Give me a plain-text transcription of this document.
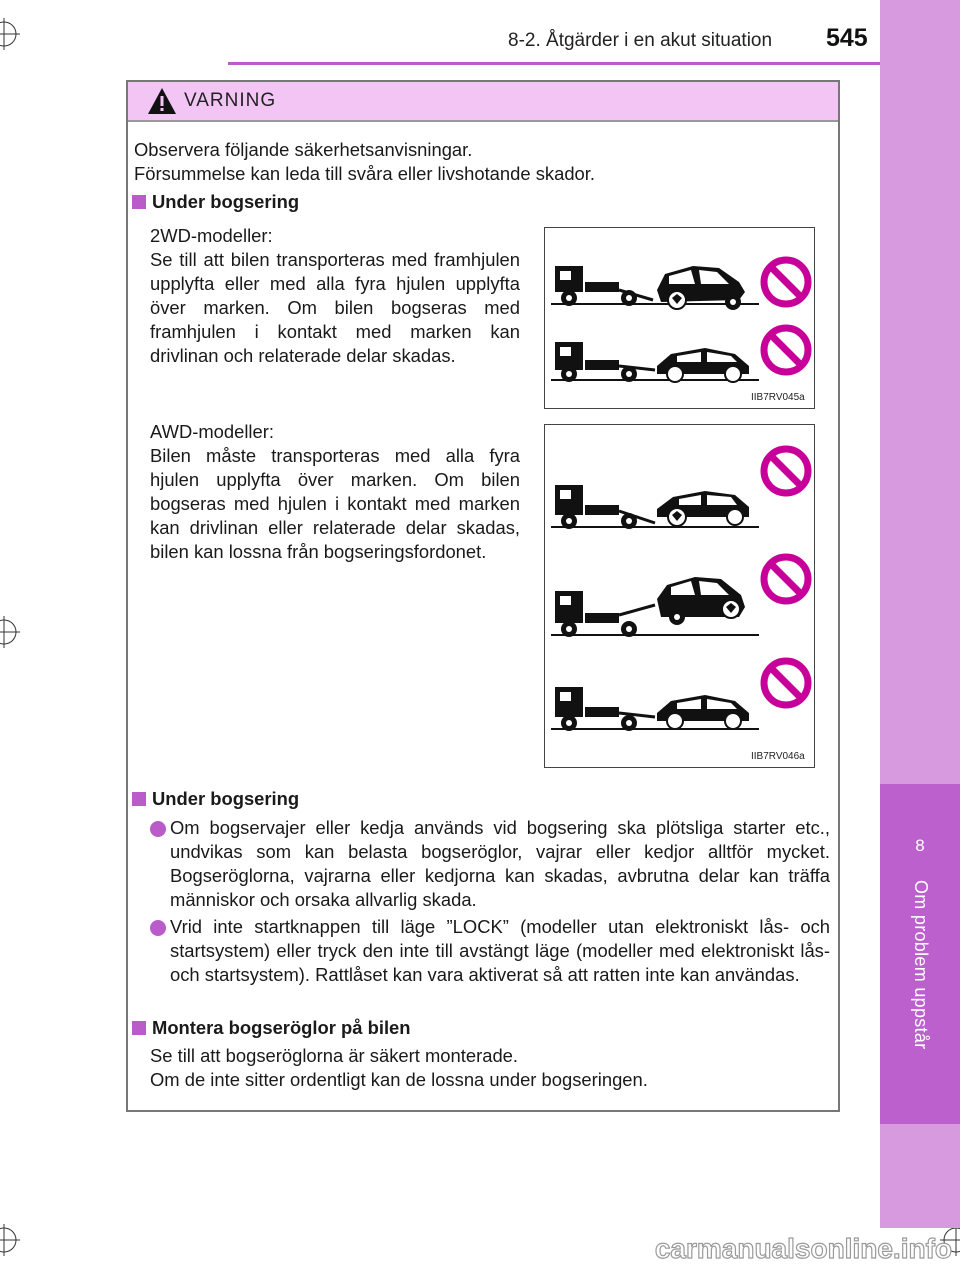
8-2. Åtgärder i en akut situation 545
8
Om problem uppstår
VARNING
Observera följande säkerhetsanvisningar.
Försummelse kan leda till svåra eller livshotande skador.
Under bogsering
2WD-modeller:
Se till att bilen transporteras med framhjulen upplyfta eller med alla fyra hjulen upplyfta över marken. Om bilen bogseras med framhjulen i kontakt med marken kan drivlinan och relaterade delar skadas.
AWD-modeller:
Bilen måste transporteras med alla fyra hjulen upplyfta över marken. Om bilen bogseras med hjulen i kontakt med marken kan drivlinan eller relaterade delar skadas, bilen kan lossna från bogseringsfordonet.
IIB7RV045a
IIB7RV046a
Under bogsering
Om bogservajer eller kedja används vid bogsering ska plötsliga starter etc., undvikas som kan belasta bogseröglor, vajrar eller kedjor alltför mycket. Bogseröglorna, vajrarna eller kedjorna kan skadas, avbrutna delar kan träffa människor och orsaka allvarlig skada.
Vrid inte startknappen till läge ”LOCK” (modeller utan elektroniskt lås- och startsystem) eller tryck den inte till avstängt läge (modeller med elektroniskt lås- och startsystem). Rattlåset kan vara aktiverat så att ratten inte kan användas.
Montera bogseröglor på bilen
Se till att bogseröglorna är säkert monterade.
Om de inte sitter ordentligt kan de lossna under bogseringen.
carmanualsonline.info
